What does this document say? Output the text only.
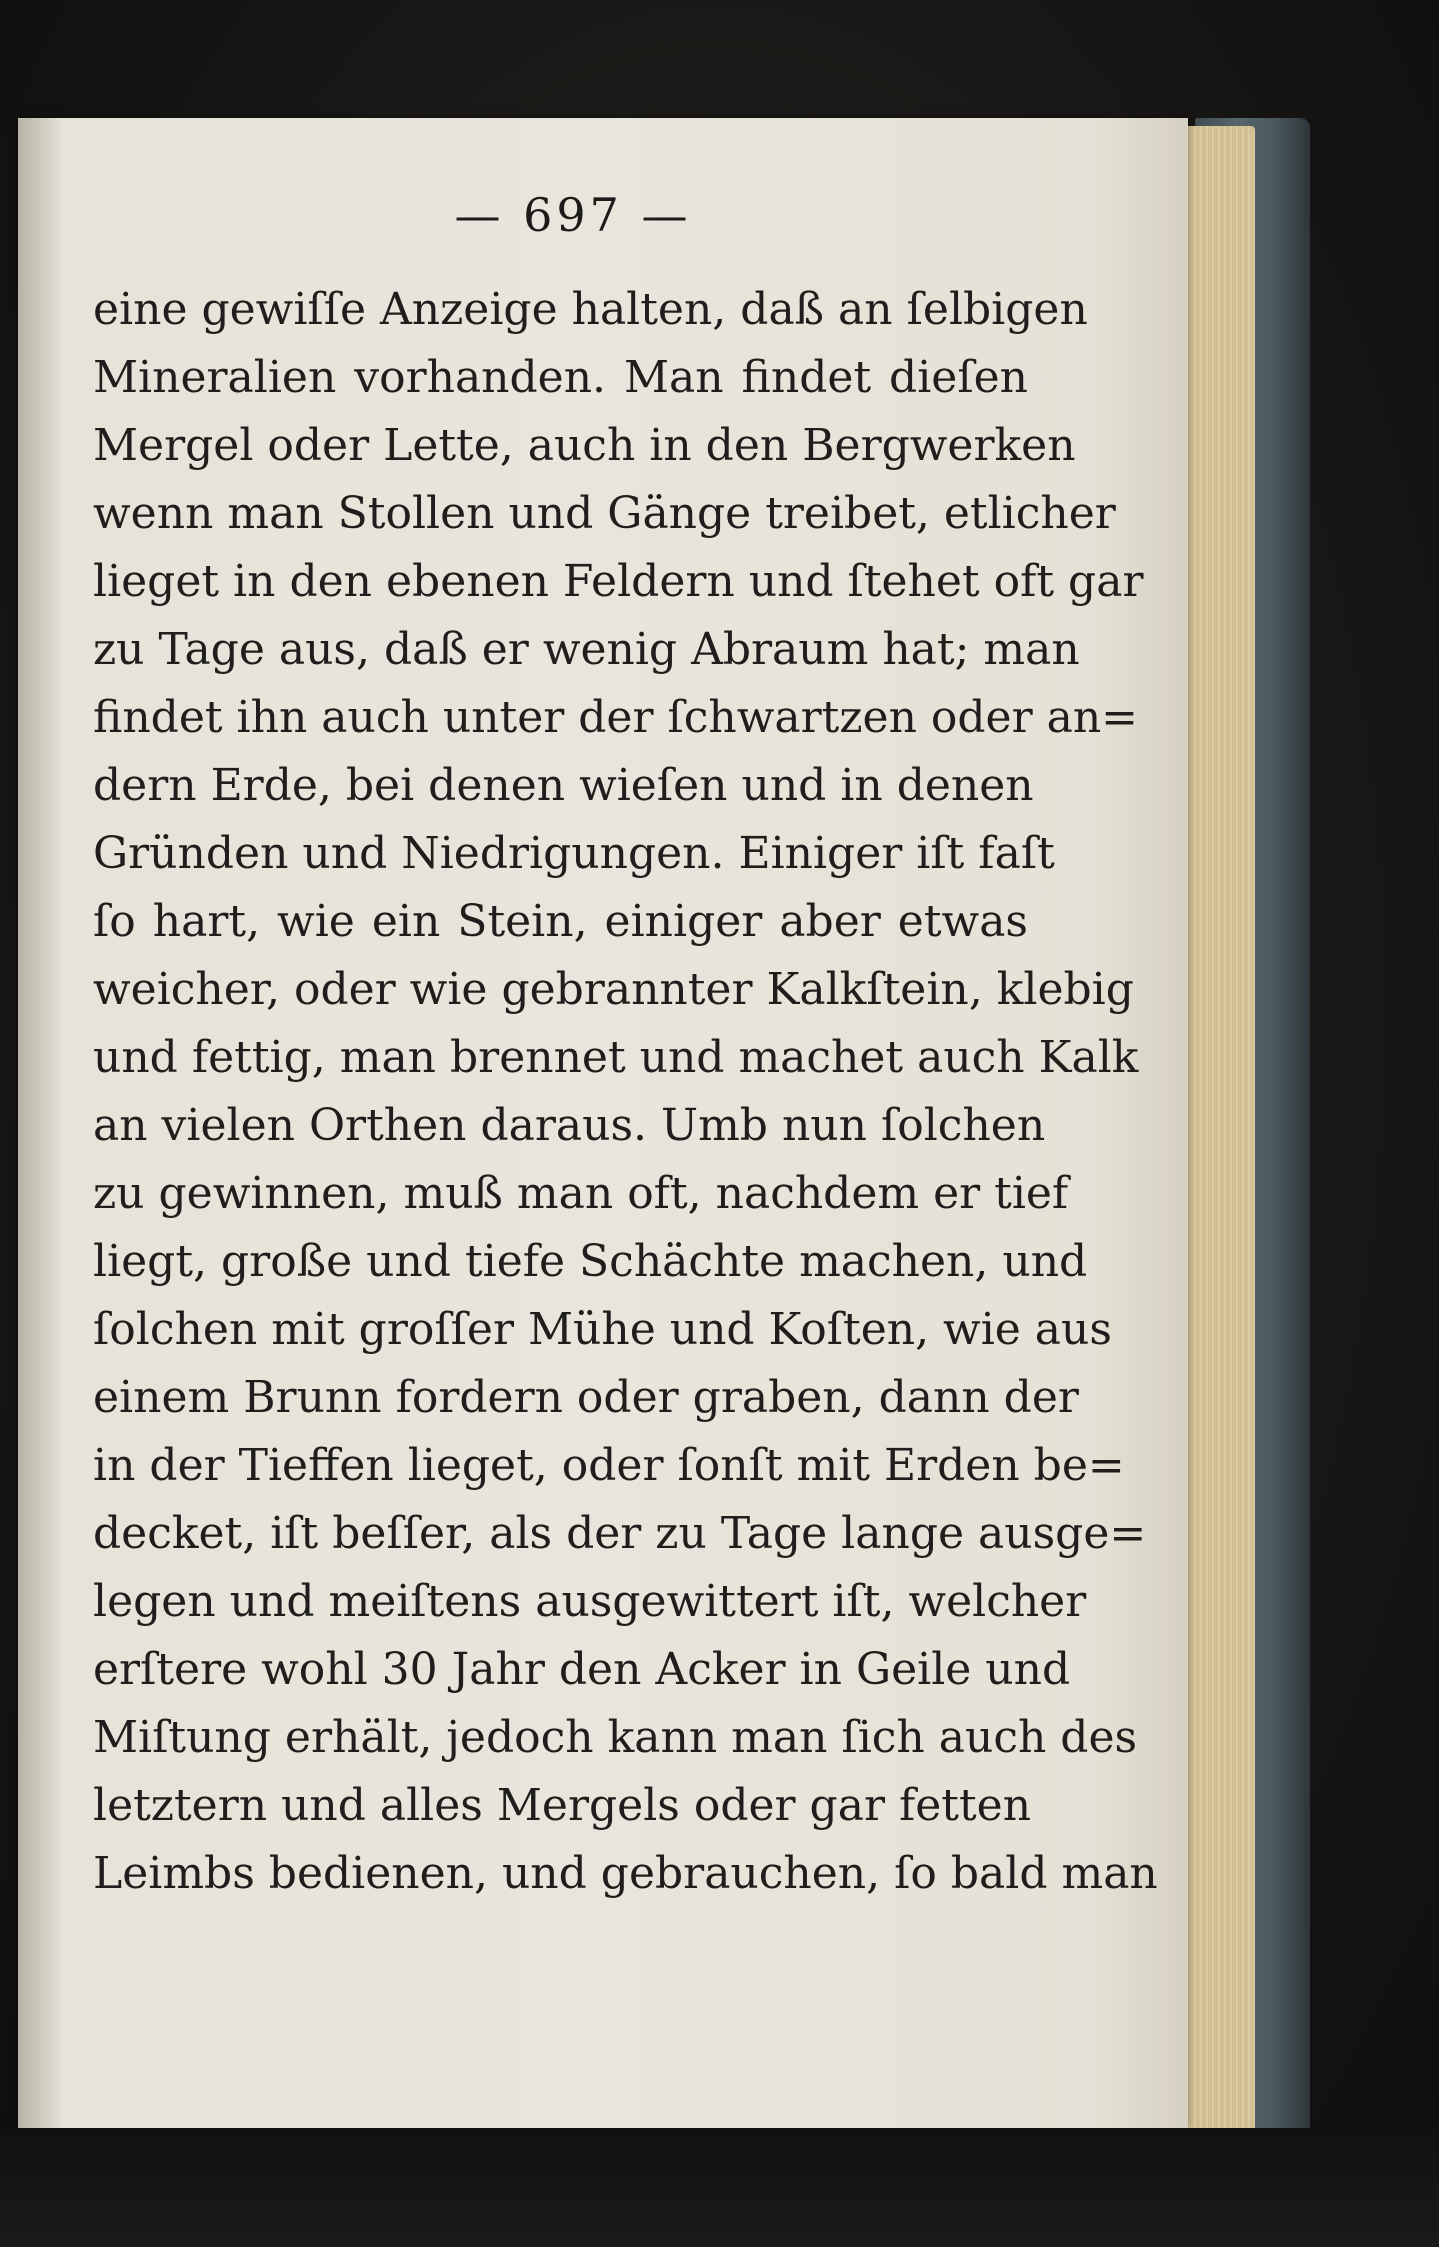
— 697 —
eine gewiſſe Anzeige halten, daß an ſelbigen
Mineralien vorhanden. Man findet dieſen
Mergel oder Lette, auch in den Bergwerken
wenn man Stollen und Gänge treibet, etlicher
lieget in den ebenen Feldern und ſtehet oft gar
zu Tage aus, daß er wenig Abraum hat; man
findet ihn auch unter der ſchwartzen oder an=
dern Erde, bei denen wieſen und in denen
Gründen und Niedrigungen. Einiger iſt faſt
ſo hart, wie ein Stein, einiger aber etwas
weicher, oder wie gebrannter Kalkſtein, klebig
und fettig, man brennet und machet auch Kalk
an vielen Orthen daraus. Umb nun ſolchen
zu gewinnen, muß man oft, nachdem er tief
liegt, große und tiefe Schächte machen, und
ſolchen mit groſſer Mühe und Koſten, wie aus
einem Brunn fordern oder graben, dann der
in der Tieffen lieget, oder ſonſt mit Erden be=
decket, iſt beſſer, als der zu Tage lange ausge=
legen und meiſtens ausgewittert iſt, welcher
erſtere wohl 30 Jahr den Acker in Geile und
Miſtung erhält, jedoch kann man ſich auch des
letztern und alles Mergels oder gar fetten
Leimbs bedienen, und gebrauchen, ſo bald man
